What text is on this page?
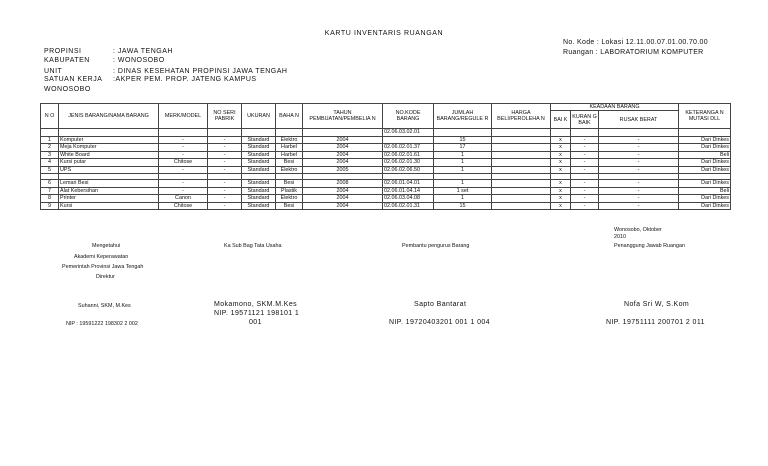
KARTU INVENTARIS RUANGAN
No. Kode : Lokasi 12.11.00.07.01.00.70.00
Ruangan : LABORATORIUM KOMPUTER
PROPINSI	: JAWA TENGAH
KABUPATEN	: WONOSOBO
UNIT	: DINAS KESEHATAN PROPINSI JAWA TENGAH
SATUAN KERJA :AKPER PEM. PROP. JATENG KAMPUS
WONOSOBO
N O	JENIS BARANG/NAMA BARANG	MERK/MODEL	NO SERI PABRIK	UKURAN	BAHA N	TAHUN PEMBUATAN/PEMBELIA N	NO.KODE BARANG	JUMLAH BARANG/REGULE R	HARGA BELI/PEROLEHA N	KEADAAN BARANG			KETERANGA N MUTASI DLL
										BAI K	KURAN G BAIK	RUSAK BERAT	
							02.06.03.02.01						
1	Komputer	-	-	Standard	Elektro	2004		15		x	-	-	Dari Dinkes
2	Meja Komputer	-	-	Standard	Harbel	2004	02.06.02.01.37	17		x	-	-	Dari Dinkes
3	White Board	-	-	Standard	Harbel	2004	02.06.02.01.61	1		x	-	-	Beli
4	Kursi putar	Chitose	-	Standard	Besi	2004	02.06.02.01.30	1		x	-	-	Dari Dinkes
5	UPS	-	-	Standard	Elektro	2005	02.06.02.06.50	1		x	-	-	Dari Dinkes

6	Lemari Besi	-	-	Standard	Besi	2008	02.06.01.04.01	1		x	-	-	Dari Dinkes
7	Alat Kebersihan	-	-	Standard	Plastik	2004	02.06.01.04.14	1 set		x	-	-	Beli
8	Printer	Canon	-	Standard	Elektro	2004	02.06.03.04.08	1		x	-	-	Dari Dinkes
9	Kursi	Chitose	-	Standard	Besi	2004	02.06.02.01.31	15		x	-	-	Dari Dinkes
Wonosobo, Oktober 2010
Mengetahui
Akademi Keperawatan
Pemerintah Provinsi Jawa Tengah
Direktur
Suhanni, SKM, M.Kes
NIP : 19591222 198302 2 002
Ka Sub Bag Tata Usaha
Mokamono, SKM.M.Kes
NIP. 19571121 198101 1
001
Pembantu pengurus Barang
Sapto Bantarat
NIP. 19720403201 001 1 004
Penanggung Jawab Ruangan
Nofa Sri W, S.Kom
NIP. 19751111 200701 2 011
